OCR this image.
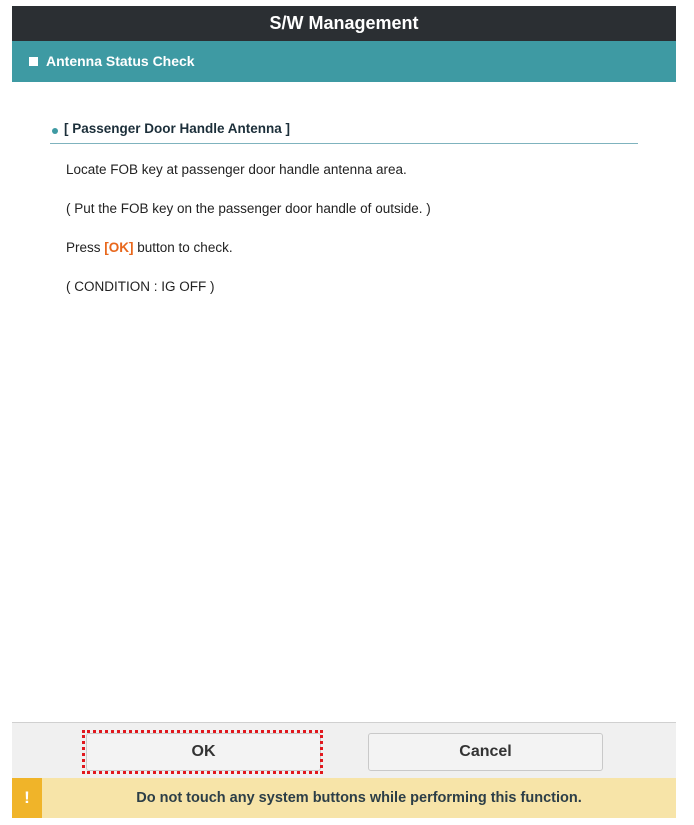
S/W Management
Antenna Status Check
[ Passenger Door Handle Antenna ]
Locate FOB key at passenger door handle antenna area.
( Put the FOB key on the passenger door handle of outside. )
Press [OK] button to check.
( CONDITION : IG OFF )
OK	Cancel
!	Do not touch any system buttons while performing this function.
